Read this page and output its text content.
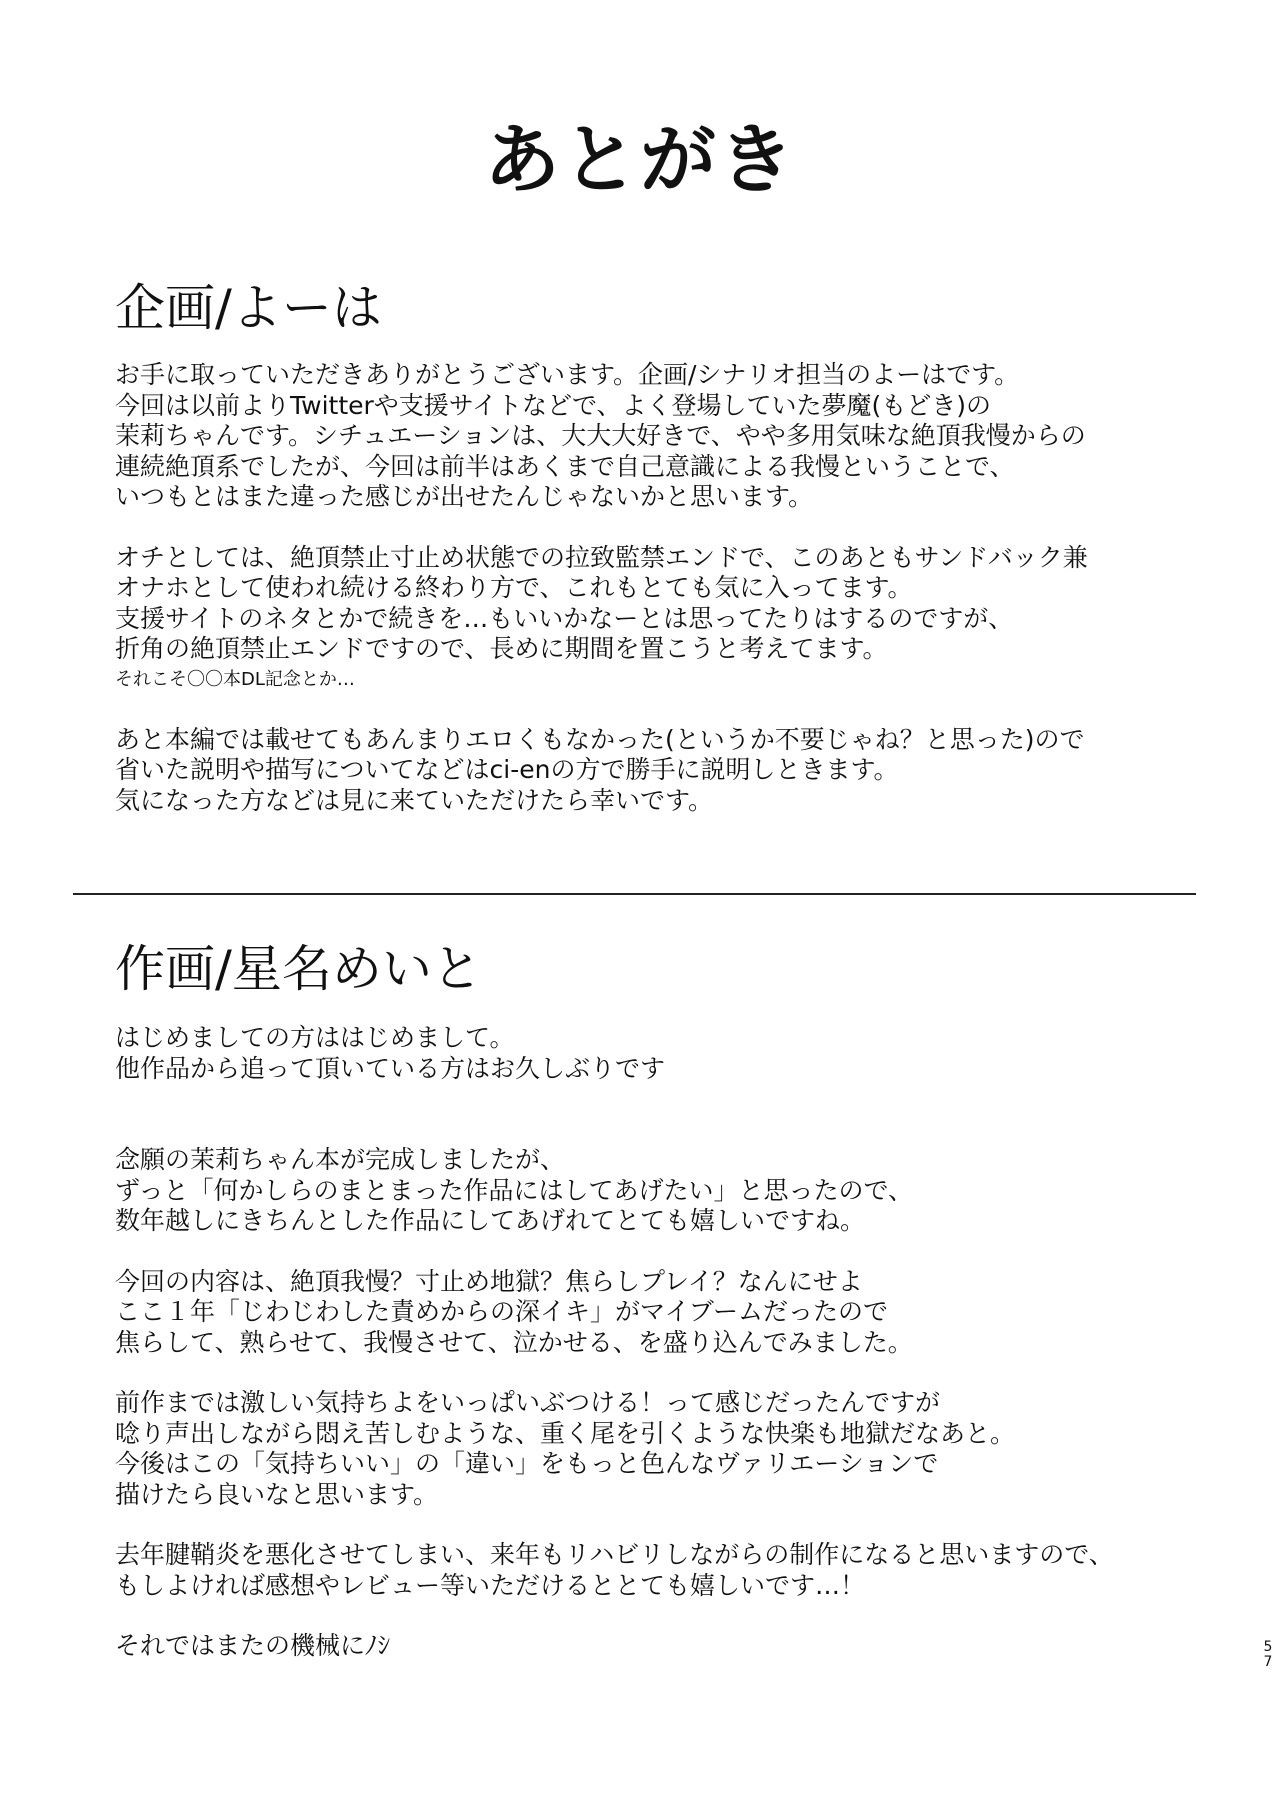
あとがき
企画/よーは
お手に取っていただきありがとうございます。企画/シナリオ担当のよーはです。
今回は以前よりTwitterや支援サイトなどで、よく登場していた夢魔(もどき)の
茉莉ちゃんです。シチュエーションは、大大大好きで、やや多用気味な絶頂我慢からの
連続絶頂系でしたが、今回は前半はあくまで自己意識による我慢ということで、
いつもとはまた違った感じが出せたんじゃないかと思います。
オチとしては、絶頂禁止寸止め状態での拉致監禁エンドで、このあともサンドバック兼
オナホとして使われ続ける終わり方で、これもとても気に入ってます。
支援サイトのネタとかで続きを…もいいかなーとは思ってたりはするのですが、
折角の絶頂禁止エンドですので、長めに期間を置こうと考えてます。
それこそ〇〇本DL記念とか…
あと本編では載せてもあんまりエロくもなかった(というか不要じゃね？と思った)ので
省いた説明や描写についてなどはci-enの方で勝手に説明しときます。
気になった方などは見に来ていただけたら幸いです。
作画/星名めいと
はじめましての方ははじめまして。
他作品から追って頂いている方はお久しぶりです
念願の茉莉ちゃん本が完成しましたが、
ずっと「何かしらのまとまった作品にはしてあげたい」と思ったので、
数年越しにきちんとした作品にしてあげれてとても嬉しいですね。
今回の内容は、絶頂我慢？寸止め地獄？焦らしプレイ？なんにせよ
ここ１年「じわじわした責めからの深イキ」がマイブームだったので
焦らして、熟らせて、我慢させて、泣かせる、を盛り込んでみました。
前作までは激しい気持ちよをいっぱいぶつける！って感じだったんですが
唸り声出しながら悶え苦しむような、重く尾を引くような快楽も地獄だなあと。
今後はこの「気持ちいい」の「違い」をもっと色んなヴァリエーションで
描けたら良いなと思います。
去年腱鞘炎を悪化させてしまい、来年もリハビリしながらの制作になると思いますので、
もしよければ感想やレビュー等いただけるととても嬉しいです…！
それではまたの機械にﾉｼ	5
7
